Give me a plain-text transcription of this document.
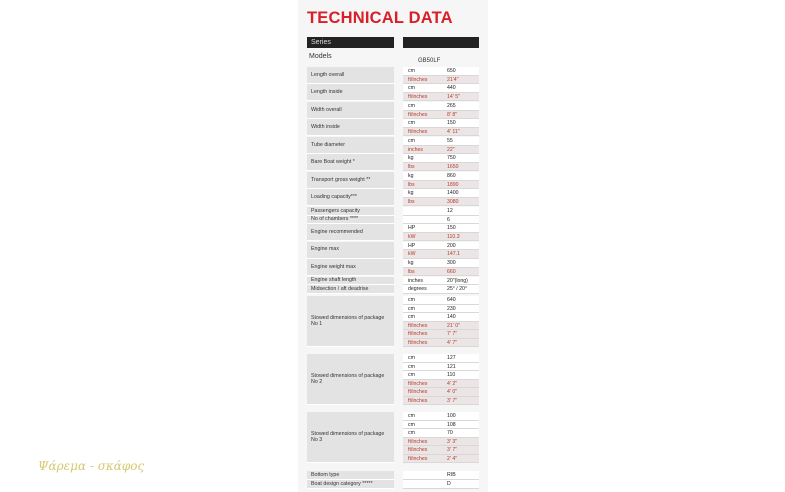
TECHNICAL DATA
Series
Models
GB50LF
Length overall
cm	650
ft/inches	21'4"
Length inside
cm	440
ft/inches	14' 5"
Width overall
cm	265
ft/inches	8' 8"
Width inside
cm	150
ft/inches	4' 11"
Tube diameter
cm	55
inches	22"
Bare Boat weight *
kg	750
lbs	1650
Transport gross weight **
kg	860
lbs	1890
Loading capacity***
kg	1400
lbs	3080
Passengers capacity	12
No of chambers ****	6
Engine recommended
HP	150
kW	110.3
Engine max
HP	200
kW	147.1
Engine weight max
kg	300
lbs	660
Engine shaft length	inches	20"(long)
Midsection / aft deadrise	degrees	25° / 20°
Stowed dimensions of package No 1
cm	640
cm	230
cm	140
ft/inches	21' 0"
ft/inches	7' 7"
ft/inches	4' 7"
Stowed dimensions of package No 2
cm	127
cm	121
cm	110
ft/inches	4' 2"
ft/inches	4' 0"
ft/inches	3' 7"
Stowed dimensions of package No 3
cm	100
cm	108
cm	70
ft/inches	3' 3"
ft/inches	3' 7"
ft/inches	2' 4"
Bottom type	RIB
Boat design category *****	D
Ψάρεμα - σκάφος
